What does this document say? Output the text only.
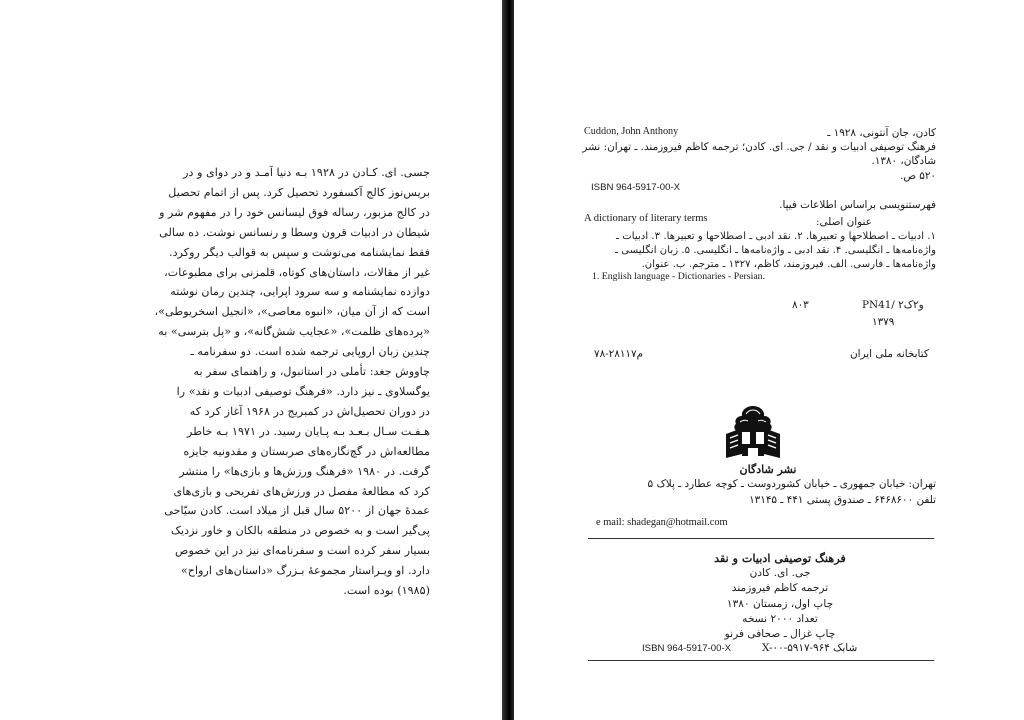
جسی. ای. کـادن در ۱۹۲۸ بـه دنیا آمـد و در دوای و در
بریس‌نوز کالج آکسفورد تحصیل کرد. پس از اتمام تحصیل
در کالج مزبور، رساله فوق لیسانس خود را در مفهوم شر و
شیطان در ادبیات قرون وسطا و رنسانس نوشت. ده سالی
فقط نمایشنامه می‌نوشت و سپس به قوالب دیگر روکرد.
غیر از مقالات، داستان‌های کوتاه، قلمزنی برای مطبوعات،
دوازده نمایشنامه و سه سرود اپرایی، چندین رمان نوشته
است که از آن میان، «انبوه معاصی»، «انجیل اسخریوطی»،
«پرده‌های ظلمت»، «عجایب شش‌گانه»، و «پل بترسی» به
چندین زبان اروپایی ترجمه شده است. دو سفرنامه ـ
چاووش جغد: تأملی در استانبول، و راهنمای سفر به
یوگسلاوی ـ نیز دارد. «فرهنگ توصیفی ادبیات و نقد» را
در دوران تحصیل‌اش در کمبریج در ۱۹۶۸ آغاز کرد که
هـفـت سـال بـعـد بـه پـایان رسید. در ۱۹۷۱ بـه خاطر
مطالعه‌اش در گچ‌نگاره‌های صربستان و مقدونیه جایزه
گرفت. در ۱۹۸۰ «فرهنگ ورزش‌ها و بازی‌ها» را منتشر
کرد که مطالعهٔ مفصل در ورزش‌های تفریحی و بازی‌های
عمدهٔ جهان از ۵۲۰۰ سال قبل از میلاد است. کادن سیّاحی
پی‌گیر است و به خصوص در منطقه بالکان و خاور نزدیک
بسیار سفر کرده است و سفرنامه‌ای نیز در این خصوص
دارد. او ویـراستار مجموعهٔ بـزرگ «داستان‌های ارواح»
(۱۹۸۵) بوده است.
Cuddon, John Anthony	کادن، جان آنتونی، ۱۹۲۸ ـ
فرهنگ توصیفی ادبیات و نقد / جی. ای. کادن؛ ترجمه کاظم فیروزمند. ـ تهران: نشر
شادگان، ۱۳۸۰.
۵۲۰ ص.
ISBN 964-5917-00-X
فهرستنویسی براساس اطلاعات فیپا.
عنوان اصلی:
A dictionary of literary terms
۱. ادبیات ـ اصطلاحها و تعبیرها. ۲. نقد ادبی ـ اصطلاحها و تعبیرها. ۳. ادبیات ـ
واژه‌نامه‌ها ـ انگلیسی. ۴. نقد ادبی ـ واژه‌نامه‌ها ـ انگلیسی. ۵. زبان انگلیسی ـ
واژه‌نامه‌ها ـ فارسی. الف. فیروزمند، کاظم، ۱۳۲۷ ـ مترجم. ب. عنوان.
1. English language - Dictionaries - Persian.
PN41/ ۲و۲ک
۸۰۳
۱۳۷۹
کتابخانه ملی ایران
۷۸-۲۸۱۱۷م
نشر شادگان
تهران: خیابان جمهوری ـ خیابان کشوردوست ـ کوچه عطارد ـ پلاک ۵
تلفن ۶۴۶۸۶۰۰ ـ صندوق پستی ۴۴۱ ـ ۱۳۱۴۵
e mail: shadegan@hotmail.com
فرهنگ توصیفی ادبیات و نقد
جی. ای. کادن
ترجمه کاظم فیروزمند
چاپ اول، زمستان ۱۳۸۰
تعداد ۲۰۰۰ نسخه
چاپ غزال ـ صحافی فرنو
شابک X-۰۰-۵۹۱۷-۹۶۴
ISBN 964-5917-00-X
